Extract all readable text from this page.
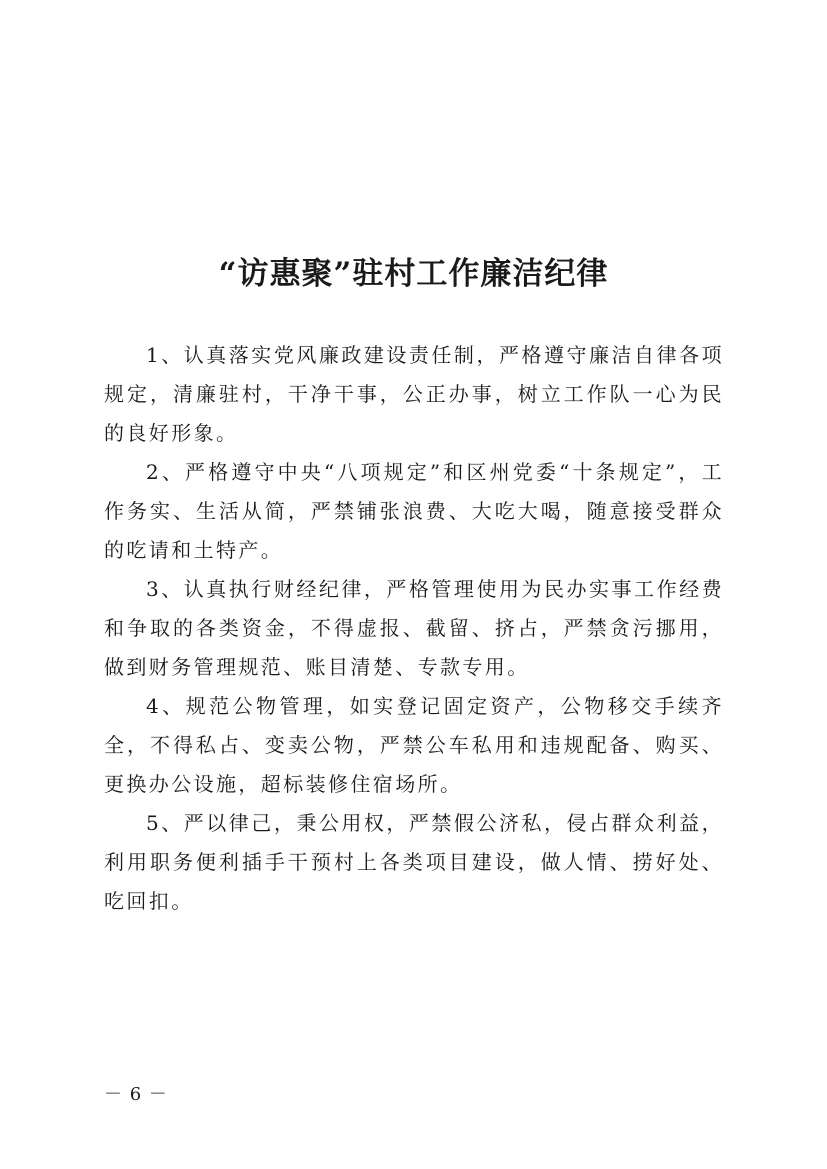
“访惠聚”驻村工作廉洁纪律

1、认真落实党风廉政建设责任制，严格遵守廉洁自律各项规定，清廉驻村，干净干事，公正办事，树立工作队一心为民的良好形象。

2、严格遵守中央“八项规定”和区州党委“十条规定”，工作务实、生活从简，严禁铺张浪费、大吃大喝，随意接受群众的吃请和土特产。

3、认真执行财经纪律，严格管理使用为民办实事工作经费和争取的各类资金，不得虚报、截留、挤占，严禁贪污挪用，做到财务管理规范、账目清楚、专款专用。

4、规范公物管理，如实登记固定资产，公物移交手续齐全，不得私占、变卖公物，严禁公车私用和违规配备、购买、更换办公设施，超标装修住宿场所。

5、严以律己，秉公用权，严禁假公济私，侵占群众利益，利用职务便利插手干预村上各类项目建设，做人情、捞好处、吃回扣。

－ 6 －
